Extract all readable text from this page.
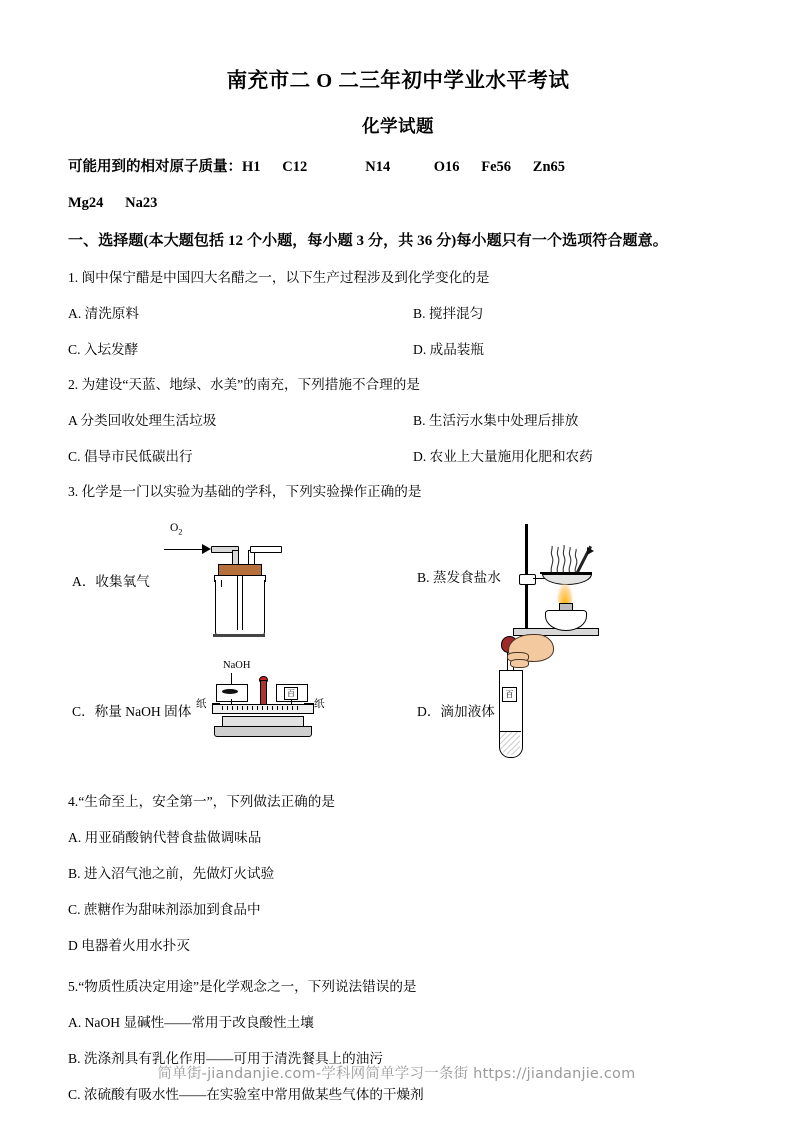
南充市二 O 二三年初中学业水平考试
化学试题
可能用到的相对原子质量：H1      C12                N14            O16      Fe56      Zn65
Mg24      Na23
一、选择题(本大题包括 12 个小题，每小题 3 分，共 36 分)每小题只有一个选项符合题意。
1. 阆中保宁醋是中国四大名醋之一，以下生产过程涉及到化学变化的是
A. 清洗原料	B. 搅拌混匀
C. 入坛发酵	D. 成品装瓶
2. 为建设“天蓝、地绿、水美”的南充，下列措施不合理的是
A 分类回收处理生活垃圾	B. 生活污水集中处理后排放
C. 倡导市民低碳出行	D. 农业上大量施用化肥和农药
3. 化学是一门以实验为基础的学科，下列实验操作正确的是
A．收集氧气
$O_2$
B. 蒸发食盐水
C．称量 NaOH 固体
NaOH
百
纸	纸	D．滴加液体
百
4.“生命至上，安全第一”，下列做法正确的是
A. 用亚硝酸钠代替食盐做调味品
B. 进入沼气池之前，先做灯火试验
C. 蔗糖作为甜味剂添加到食品中
D 电器着火用水扑灭
5.“物质性质决定用途”是化学观念之一，下列说法错误的是
A. NaOH 显碱性——常用于改良酸性土壤
B. 洗涤剂具有乳化作用——可用于清洗餐具上的油污
C. 浓硫酸有吸水性——在实验室中常用做某些气体的干燥剂
简单街-jiandanjie.com-学科网简单学习一条街 https://jiandanjie.com
